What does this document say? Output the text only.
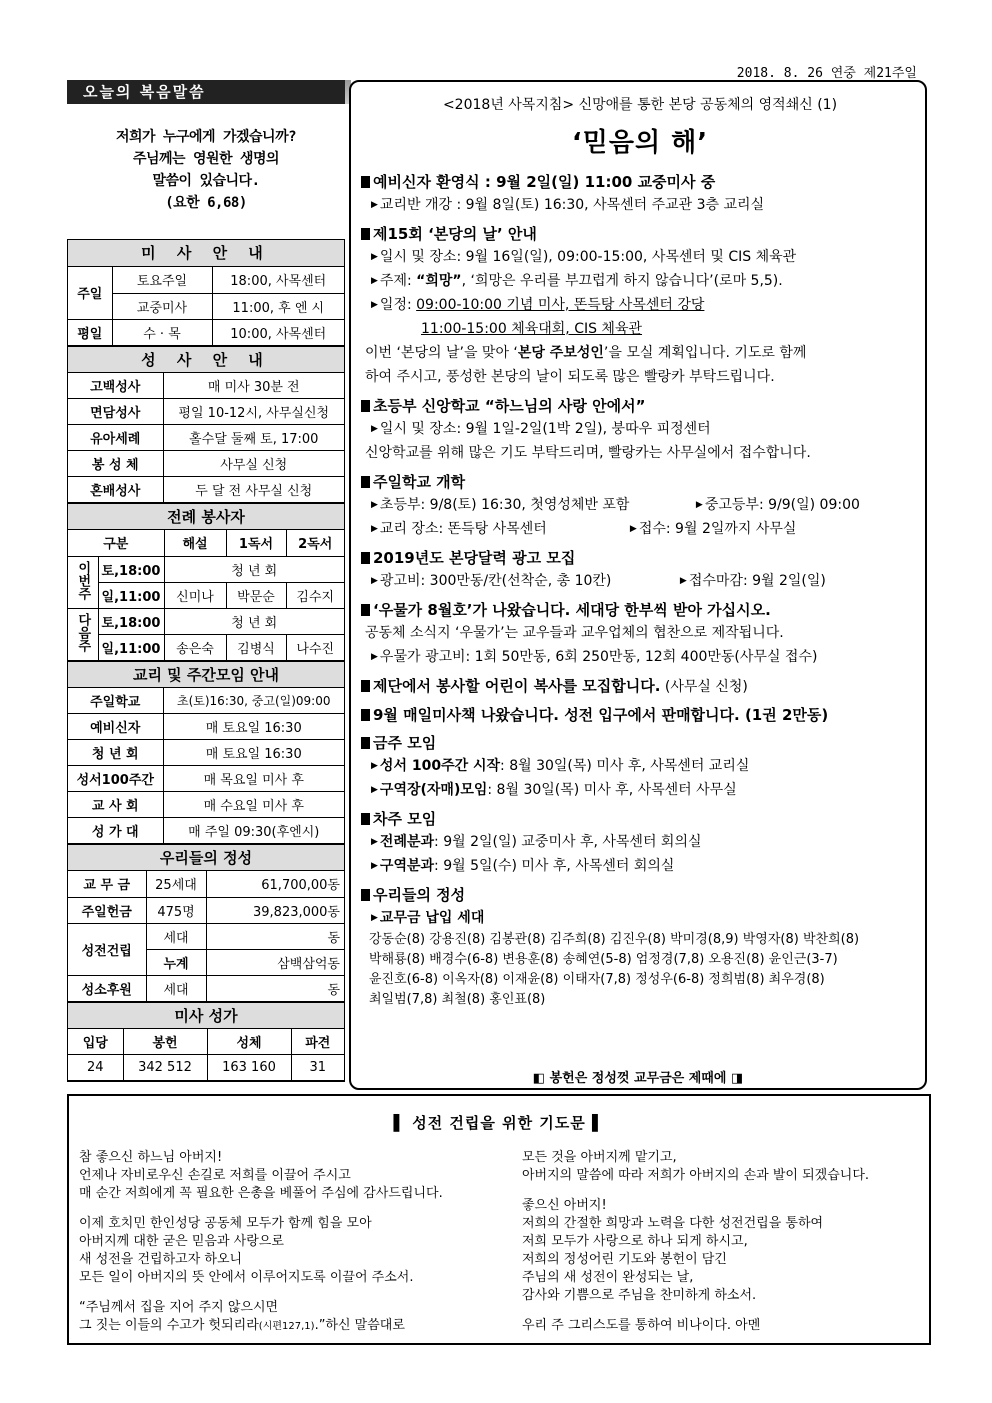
2018. 8. 26 연중 제21주일
오늘의 복음말씀
저희가 누구에게 가겠습니까?
주님께는 영원한 생명의
말씀이 있습니다.
(요한 6,68)
미 사 안 내
주일	토요주일	18:00, 사목센터
	교중미사	11:00, 후 엔 시
평일	수 · 목	10:00, 사목센터
성 사 안 내
고백성사	매 미사 30분 전
면담성사	평일 10-12시, 사무실신청
유아세례	홀수달 둘째 토, 17:00
봉 성 체	사무실 신청
혼배성사	두 달 전 사무실 신청
전례 봉사자
구분		해설	1독서	2독서
이번주	토,18:00	청 년 회		
	일,11:00	신미나	박문순	김수지
다음주	토,18:00	청 년 회		
	일,11:00	송은숙	김병식	나수진
교리 및 주간모임 안내
주일학교	초(토)16:30, 중고(일)09:00
예비신자	매 토요일 16:30
청 년 회	매 토요일 16:30
성서100주간	매 목요일 미사 후
교 사 회	매 수요일 미사 후
성 가 대	매 주일 09:30(후엔시)
우리들의 정성
교 무 금	25세대	61,700,00동
주일헌금	475명	39,823,000동
성전건립	세대	동
	누계	삼백삼억동
성소후원	세대	동
미사 성가
입당	봉헌	성체	파견
24	342 512	163 160	31
<2018년 사목지침> 신망애를 통한 본당 공동체의 영적쇄신 (1)
‘믿음의 해’
예비신자 환영식 : 9월 2일(일) 11:00 교중미사 중
▶ 교리반 개강 : 9월 8일(토) 16:30, 사목센터 주교관 3층 교리실
제15회 ‘본당의 날’ 안내
▶ 일시 및 장소: 9월 16일(일), 09:00-15:00, 사목센터 및 CIS 체육관
▶ 주제: “희망”, ‘희망은 우리를 부끄럽게 하지 않습니다’(로마 5,5).
▶ 일정: 09:00-10:00 기념 미사, 똔득탕 사목센터 강당
11:00-15:00 체육대회, CIS 체육관
이번 ‘본당의 날’을 맞아 ‘본당 주보성인’을 모실 계획입니다. 기도로 함께
하여 주시고, 풍성한 본당의 날이 되도록 많은 빨랑카 부탁드립니다.
초등부 신앙학교 “하느님의 사랑 안에서”
▶ 일시 및 장소: 9월 1일-2일(1박 2일), 붕따우 피정센터
신앙학교를 위해 많은 기도 부탁드리며, 빨랑카는 사무실에서 접수합니다.
주일학교 개학
▶ 초등부: 9/8(토) 16:30, 첫영성체반 포함	▶ 중고등부: 9/9(일) 09:00
▶ 교리 장소: 똔득탕 사목센터	▶ 접수: 9월 2일까지 사무실
2019년도 본당달력 광고 모집
▶ 광고비: 300만동/칸(선착순, 총 10칸)	▶ 접수마감: 9월 2일(일)
‘우물가 8월호’가 나왔습니다. 세대당 한부씩 받아 가십시오.
공동체 소식지 ‘우물가’는 교우들과 교우업체의 협찬으로 제작됩니다.
▶ 우물가 광고비: 1회 50만동, 6회 250만동, 12회 400만동(사무실 접수)
제단에서 봉사할 어린이 복사를 모집합니다. (사무실 신청)
9월 매일미사책 나왔습니다. 성전 입구에서 판매합니다. (1권 2만동)
금주 모임
▶ 성서 100주간 시작: 8월 30일(목) 미사 후, 사목센터 교리실
▶ 구역장(자매)모임: 8월 30일(목) 미사 후, 사목센터 사무실
차주 모임
▶ 전례분과: 9월 2일(일) 교중미사 후, 사목센터 회의실
▶ 구역분과: 9월 5일(수) 미사 후, 사목센터 회의실
우리들의 정성
▶ 교무금 납입 세대
강동순(8) 강용진(8) 김봉관(8) 김주희(8) 김진우(8) 박미경(8,9) 박영자(8) 박찬희(8)
박해룡(8) 배경수(6-8) 변용훈(8) 송혜연(5-8) 엄정경(7,8) 오용진(8) 윤인근(3-7)
윤진호(6-8) 이옥자(8) 이재윤(8) 이태자(7,8) 정성우(6-8) 정희범(8) 최우경(8)
최일범(7,8) 최철(8) 홍인표(8)
◧ 봉헌은 정성껏 교무금은 제때에 ◨
▌ 성전 건립을 위한 기도문 ▌
참 좋으신 하느님 아버지!
언제나 자비로우신 손길로 저희를 이끌어 주시고
매 순간 저희에게 꼭 필요한 은총을 베풀어 주심에 감사드립니다.
이제 호치민 한인성당 공동체 모두가 함께 힘을 모아
아버지께 대한 굳은 믿음과 사랑으로
새 성전을 건립하고자 하오니
모든 일이 아버지의 뜻 안에서 이루어지도록 이끌어 주소서.
“주님께서 집을 지어 주지 않으시면
그 짓는 이들의 수고가 헛되리라(시편127,1).”하신 말씀대로
모든 것을 아버지께 맡기고,
아버지의 말씀에 따라 저희가 아버지의 손과 발이 되겠습니다.
좋으신 아버지!
저희의 간절한 희망과 노력을 다한 성전건립을 통하여
저희 모두가 사랑으로 하나 되게 하시고,
저희의 정성어린 기도와 봉헌이 담긴
주님의 새 성전이 완성되는 날,
감사와 기쁨으로 주님을 찬미하게 하소서.
우리 주 그리스도를 통하여 비나이다. 아멘
